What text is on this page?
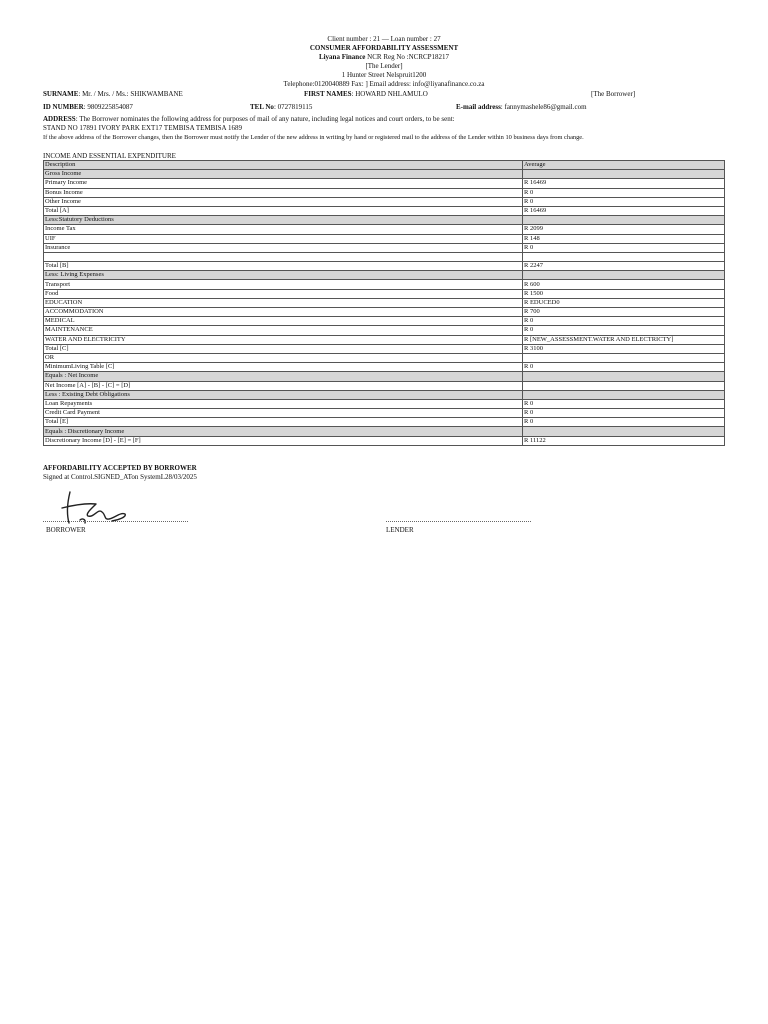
Client number : 21 — Loan number : 27
CONSUMER AFFORDABILITY ASSESSMENT
Liyana Finance NCR Reg No :NCRCP18217
[The Lender]
1 Hunter Street Nelspruit1200
Telephone:0120040889 Fax: ] Email address: info@liyanafinance.co.za
SURNAME: Mr. / Mrs. / Ms.: SHIKWAMBANE	FIRST NAMES: HOWARD NHLAMULO	[The Borrower]
ID NUMBER: 9809225854087	TEL No: 0727819115	E-mail address: fannymashele86@gmail.com
ADDRESS: The Borrower nominates the following address for purposes of mail of any nature, including legal notices and court orders, to be sent:
STAND NO 17891 IVORY PARK EXT17 TEMBISA TEMBISA 1689
If the above address of the Borrower changes, then the Borrower must notify the Lender of the new address in writing by hand or registered mail to the address of the Lender within 10 business days from change.
INCOME AND ESSENTIAL EXPENDITURE
Description	Average
Gross Income	
Primary Income	R 16469
Bonus Income	R 0
Other Income	R 0
Total [A]	R 16469
Less:Statutory Deductions	
Income Tax	R 2099
UIF	R 148
Insurance	R 0

Total [B]	R 2247
Less: Living Expenses	
Transport	R 600
Food	R 1500
EDUCATION	R EDUCED0
ACCOMMODATION	R 700
MEDICAL	R 0
MAINTENANCE	R 0
WATER AND ELECTRICITY	R [NEW_ASSESSMENT.WATER AND ELECTRICTY]
Total [C]	R 3100
OR	
MinimumLiving Table [C]	R 0
Equals : Net Income	
Net Income [A] - [B] - [C] = [D]	
Less : Existing Debt Obligations	
Loan Repayments	R 0
Credit Card Payment	R 0
Total [E]	R 0
Equals : Discretionary Income	
Discretionary Income [D] - [E] = [F]	R 11122
AFFORDABILITY ACCEPTED BY BORROWER
Signed at Control.SIGNED_ATon SystemL28/03/2025
BORROWER	LENDER
